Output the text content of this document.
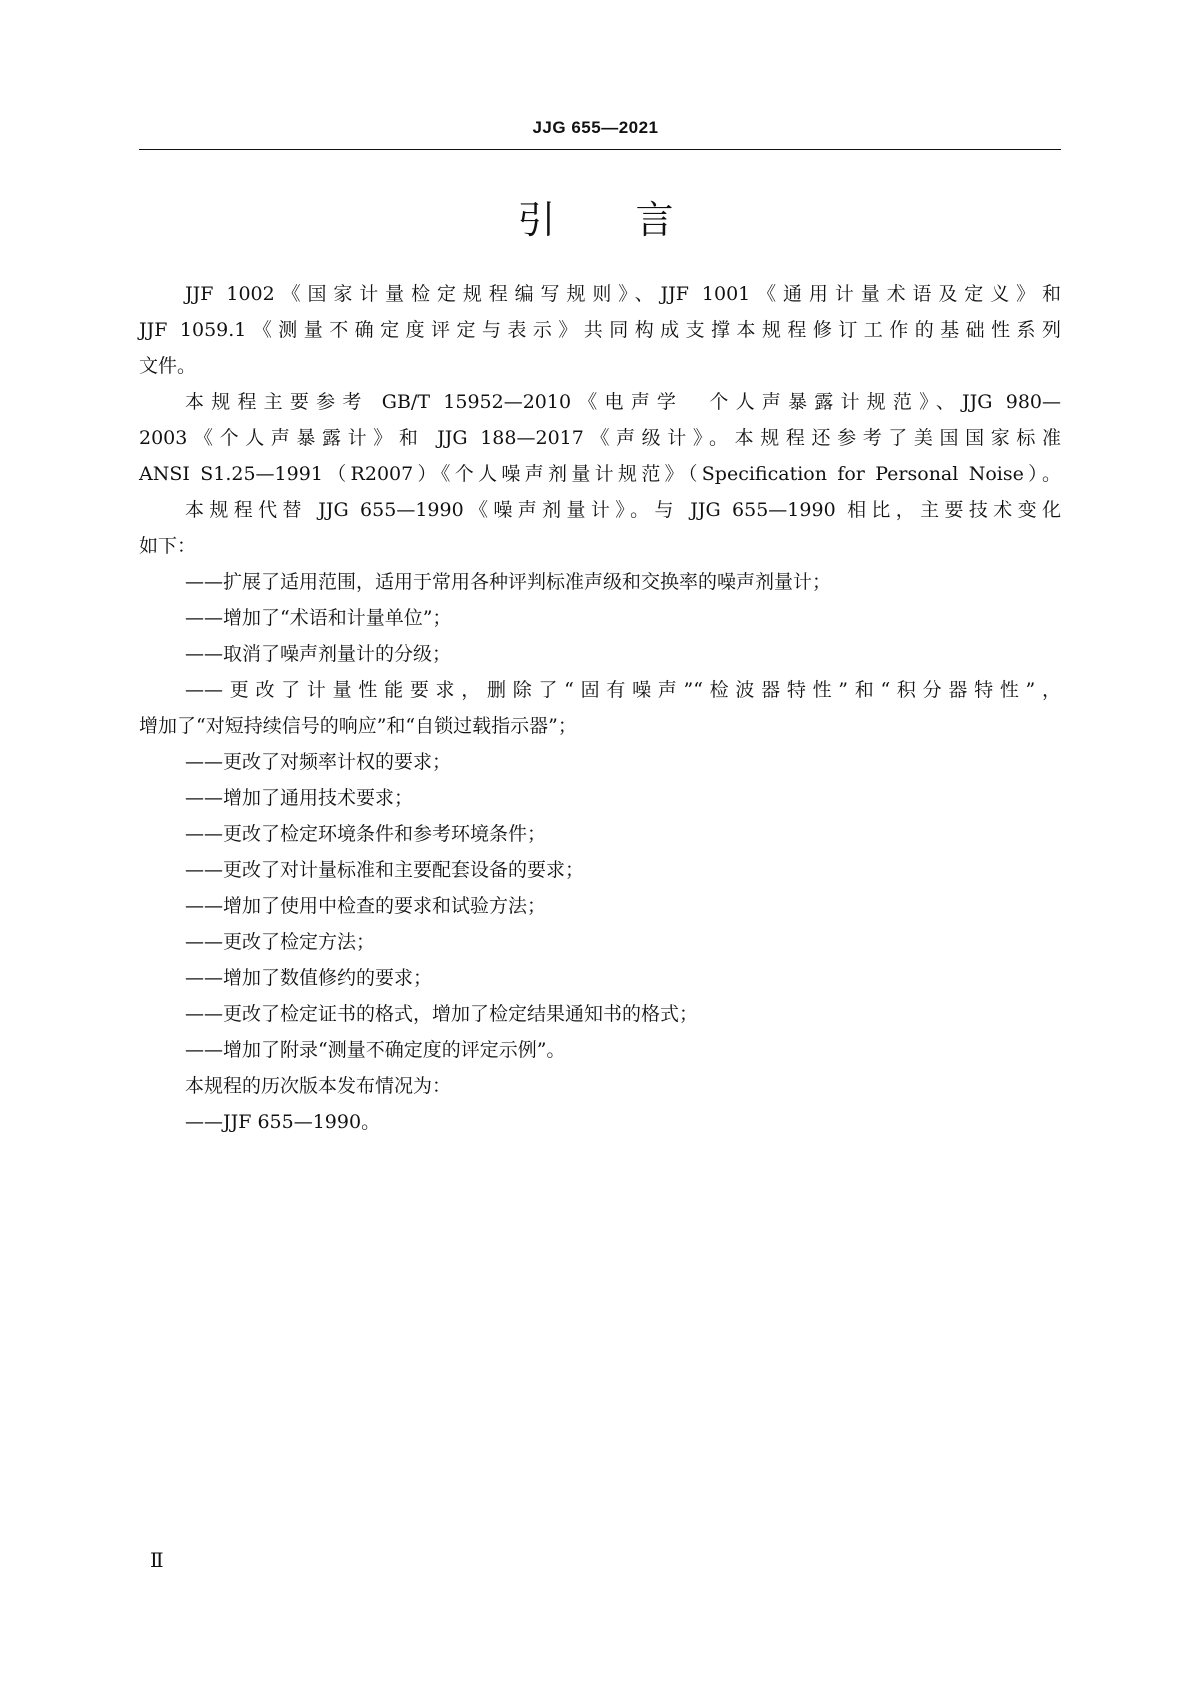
JJG 655—2021
引言

JJF 1002《国家计量检定规程编写规则》、JJF 1001《通用计量术语及定义》和

JJF 1059.1《测量不确定度评定与表示》共同构成支撑本规程修订工作的基础性系列

文件。

本规程主要参考 GB/T 15952—2010《电声学　个人声暴露计规范》、JJG 980—

2003《个人声暴露计》和 JJG 188—2017《声级计》。本规程还参考了美国国家标准

ANSI S1.25—1991（R2007）《个人噪声剂量计规范》（Specification for Personal Noise）。

本规程代替 JJG 655—1990《噪声剂量计》。与 JJG 655—1990 相比，主要技术变化

如下：

——扩展了适用范围，适用于常用各种评判标准声级和交换率的噪声剂量计；

——增加了“术语和计量单位”；

——取消了噪声剂量计的分级；

——更改了计量性能要求，删除了“固有噪声”“检波器特性”和“积分器特性”，

增加了“对短持续信号的响应”和“自锁过载指示器”；

——更改了对频率计权的要求；

——增加了通用技术要求；

——更改了检定环境条件和参考环境条件；

——更改了对计量标准和主要配套设备的要求；

——增加了使用中检查的要求和试验方法；

——更改了检定方法；

——增加了数值修约的要求；

——更改了检定证书的格式，增加了检定结果通知书的格式；

——增加了附录“测量不确定度的评定示例”。

本规程的历次版本发布情况为：

——JJF 655—1990。

Ⅱ
